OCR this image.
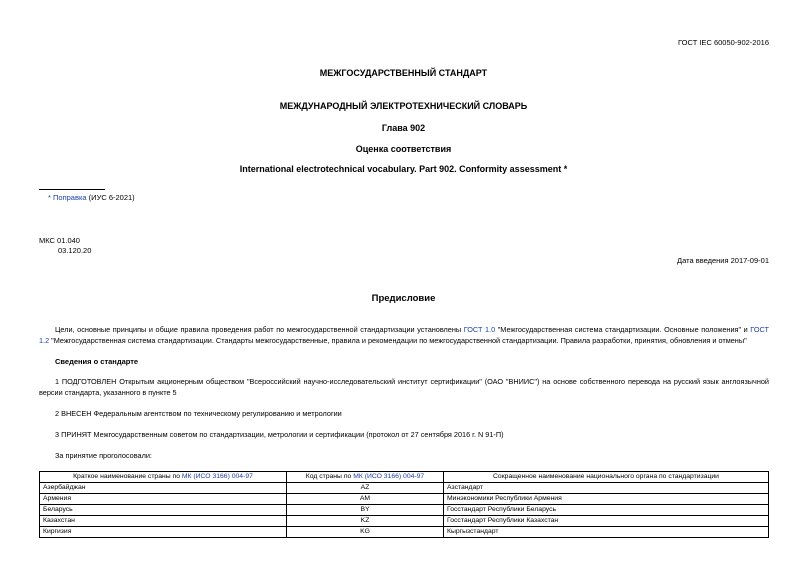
ГОСТ IEC 60050-902-2016
МЕЖГОСУДАРСТВЕННЫЙ СТАНДАРТ
МЕЖДУНАРОДНЫЙ ЭЛЕКТРОТЕХНИЧЕСКИЙ СЛОВАРЬ
Глава 902
Оценка соответствия
International electrotechnical vocabulary. Part 902. Conformity assessment *
* Поправка (ИУС 6-2021)
МКС 01.040
03.120.20
Дата введения 2017-09-01
Предисловие
Цели, основные принципы и общие правила проведения работ по межгосударственной стандартизации установлены ГОСТ 1.0 "Межгосударственная система стандартизации. Основные положения" и ГОСТ 1.2 "Межгосударственная система стандартизации. Стандарты межгосударственные, правила и рекомендации по межгосударственной стандартизации. Правила разработки, принятия, обновления и отмены"
Сведения о стандарте
1 ПОДГОТОВЛЕН Открытым акционерным обществом "Всероссийский научно-исследовательский институт сертификации" (ОАО "ВНИИС") на основе собственного перевода на русский язык англоязычной версии стандарта, указанного в пункте 5
2 ВНЕСЕН Федеральным агентством по техническому регулированию и метрологии
3 ПРИНЯТ Межгосударственным советом по стандартизации, метрологии и сертификации (протокол от 27 сентября 2016 г. N 91-П)
За принятие проголосовали:
Краткое наименование страны по МК (ИСО 3166) 004-97	Код страны по МК (ИСО 3166) 004-97	Сокращенное наименование национального органа по стандартизации
Азербайджан	AZ	Азстандарт
Армения	AM	Минэкономики Республики Армения
Беларусь	BY	Госстандарт Республики Беларусь
Казахстан	KZ	Госстандарт Республики Казахстан
Киргизия	KG	Кыргызстандарт
